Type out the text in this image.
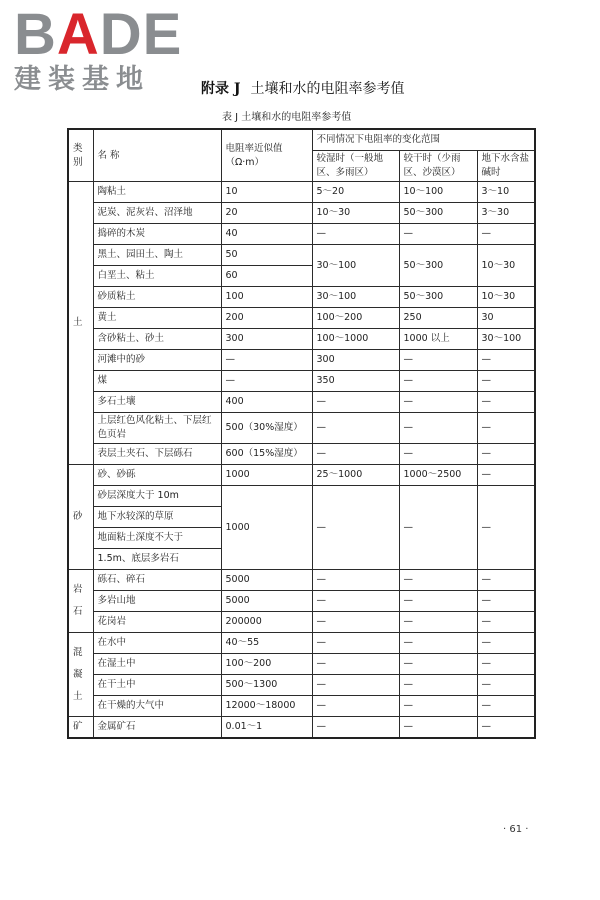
BADE
建装基地	附录 J 土壤和水的电阻率参考值
表 J 土壤和水的电阻率参考值
类别	名 称	电阻率近似值（Ω·m）	不同情况下电阻率的变化范围		
			较湿时（一般地区、多雨区）	较干时（少雨区、沙漠区）	地下水含盐碱时
土	陶粘土	10	5～20	10～100	3～10
	泥炭、泥灰岩、沼泽地	20	10～30	50～300	3～30
	捣碎的木炭	40	—	—	—
	黑土、园田土、陶土	50	30～100	50～300	10～30
	白垩土、粘土	60			
	砂质粘土	100	30～100	50～300	10～30
	黄土	200	100～200	250	30
	含砂粘土、砂土	300	100～1000	1000 以上	30～100
	河滩中的砂	—	300	—	—
	煤	—	350	—	—
	多石土壤	400	—	—	—
	上层红色风化粘土、下层红色页岩	500（30%湿度）	—	—	—
	表层土夹石、下层砾石	600（15%湿度）	—	—	—
砂	砂、砂砾	1000	25～1000	1000～2500	—
	砂层深度大于 10m	1000	—	—	—
	地下水较深的草原				
	地面粘土深度不大于				
	1.5m、底层多岩石				

岩石	砾石、碎石	5000	—	—	—
	多岩山地	5000	—	—	—
	花岗岩	200000	—	—	—

混凝土	在水中	40～55	—	—	—
	在湿土中	100～200	—	—	—
	在干土中	500～1300	—	—	—
	在干燥的大气中	12000～18000	—	—	—
矿	金属矿石	0.01～1	—	—	—
· 61 ·
